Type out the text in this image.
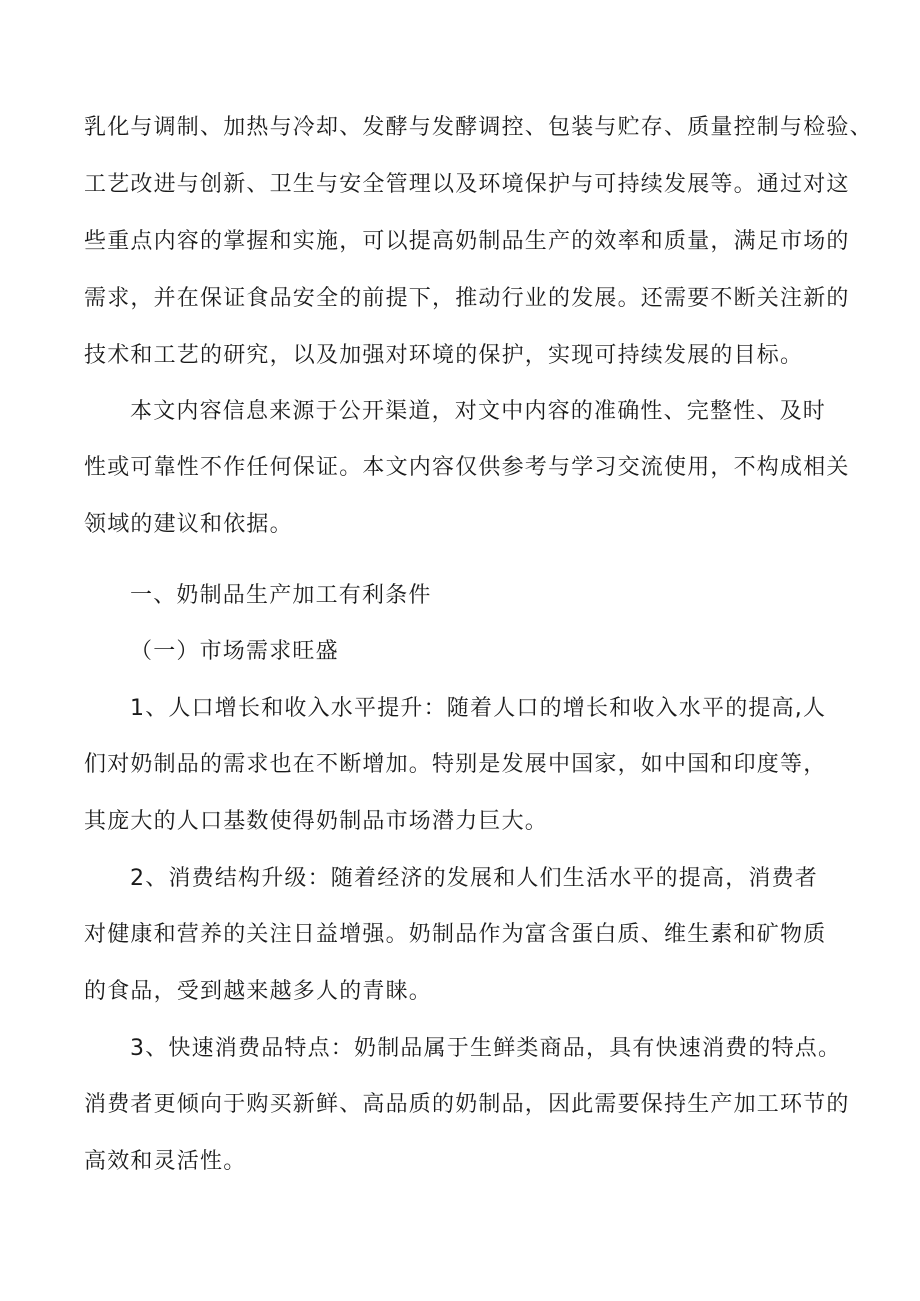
乳化与调制、加热与冷却、发酵与发酵调控、包装与贮存、质量控制与检验、
工艺改进与创新、卫生与安全管理以及环境保护与可持续发展等。通过对这
些重点内容的掌握和实施，可以提高奶制品生产的效率和质量，满足市场的
需求，并在保证食品安全的前提下，推动行业的发展。还需要不断关注新的
技术和工艺的研究，以及加强对环境的保护，实现可持续发展的目标。
本文内容信息来源于公开渠道，对文中内容的准确性、完整性、及时
性或可靠性不作任何保证。本文内容仅供参考与学习交流使用，不构成相关
领域的建议和依据。
一、奶制品生产加工有利条件
（一）市场需求旺盛
1、人口增长和收入水平提升：随着人口的增长和收入水平的提高,人
们对奶制品的需求也在不断增加。特别是发展中国家，如中国和印度等，
其庞大的人口基数使得奶制品市场潜力巨大。
2、消费结构升级：随着经济的发展和人们生活水平的提高，消费者
对健康和营养的关注日益增强。奶制品作为富含蛋白质、维生素和矿物质
的食品，受到越来越多人的青睐。
3、快速消费品特点：奶制品属于生鲜类商品，具有快速消费的特点。
消费者更倾向于购买新鲜、高品质的奶制品，因此需要保持生产加工环节的
高效和灵活性。
